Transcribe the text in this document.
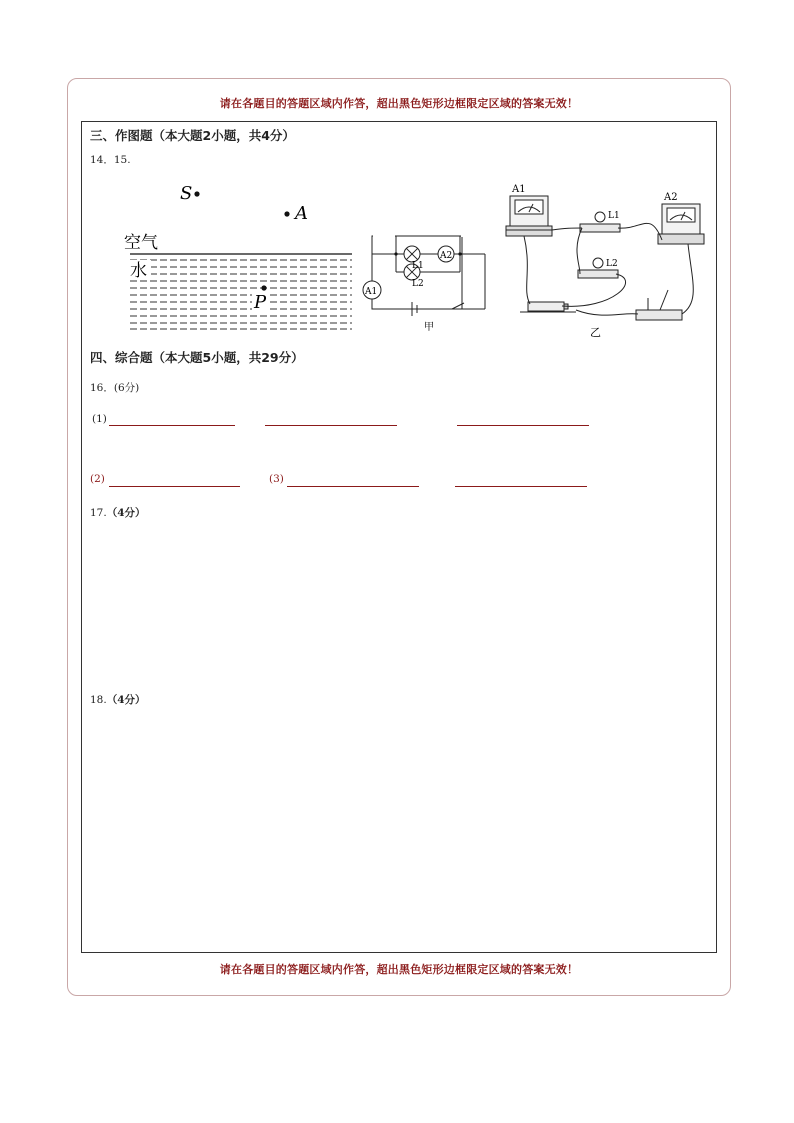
请在各题目的答题区域内作答，超出黑色矩形边框限定区域的答案无效！
三、作图题（本大题2小题，共4分）
14．15.
S
A
空气
水
P
A2
A1
L1
L2
甲
A1
A2
L1
L2
乙
四、综合题（本大题5小题，共29分）
16．(6分)
(1)
(2)	(3)
17.（4分）
18.（4分）
请在各题目的答题区域内作答，超出黑色矩形边框限定区域的答案无效！
